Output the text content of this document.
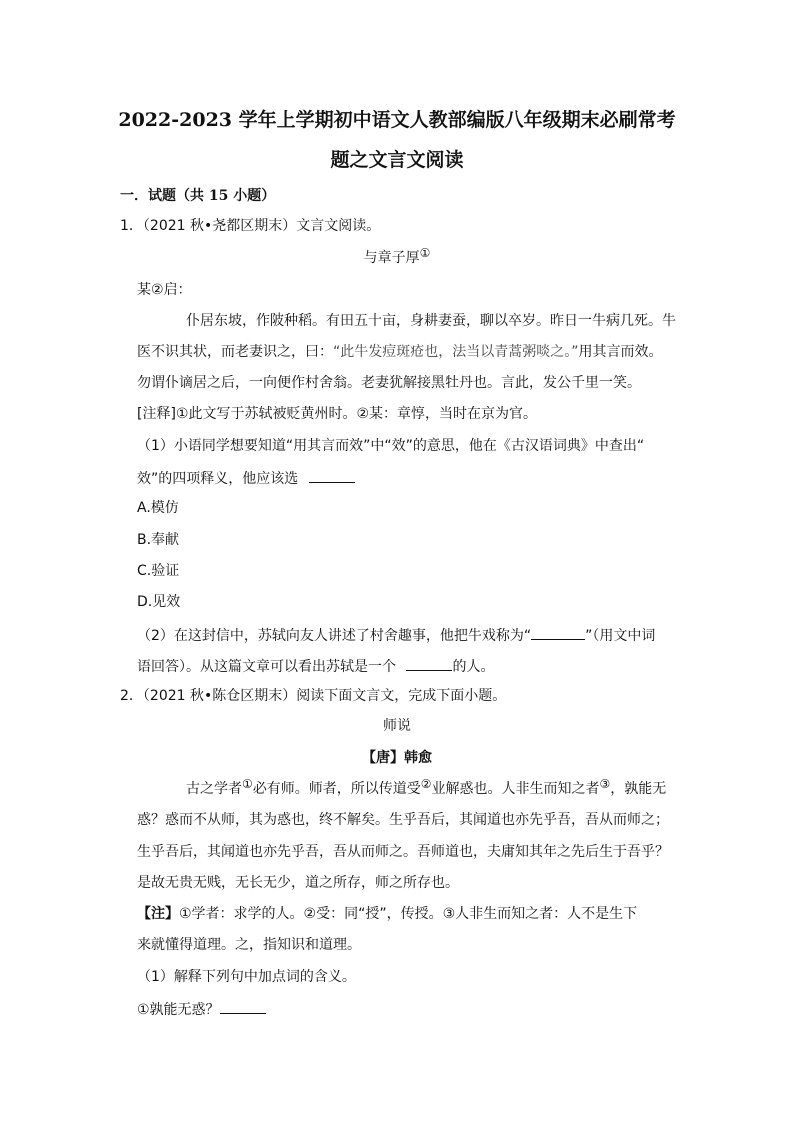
2022-2023 学年上学期初中语文人教部编版八年级期末必刷常考
题之文言文阅读
一．试题（共 15 小题）
1．（2021 秋•尧都区期末）文言文阅读。
与章子厚①
某②启：
仆居东坡，作陂种稻。有田五十亩，身耕妻蚕，聊以卒岁。昨日一牛病几死。牛
医不识其状，而老妻识之，曰：“此牛发痘斑疮也，法当以青蒿粥啖之。”用其言而效。
勿谓仆谪居之后，一向便作村舍翁。老妻犹解接黑牡丹也。言此，发公千里一笑。
[注释]①此文写于苏轼被贬黄州时。②某：章惇，当时在京为官。
（1）小语同学想要知道“用其言而效”中“效”的意思，他在《古汉语词典》中查出“
效”的四项释义，他应该选
A.模仿
B.奉献
C.验证
D.见效
（2）在这封信中，苏轼向友人讲述了村舍趣事，他把牛戏称为“	”（用文中词
语回答）。从这篇文章可以看出苏轼是一个	的人。
2．（2021 秋•陈仓区期末）阅读下面文言文，完成下面小题。
师说
【唐】韩愈
古之学者①必有师。师者，所以传道受②业解惑也。人非生而知之者③，孰能无
惑？惑而不从师，其为惑也，终不解矣。生乎吾后，其闻道也亦先乎吾，吾从而师之；
生乎吾后，其闻道也亦先乎吾，吾从而师之。吾师道也，夫庸知其年之先后生于吾乎？
是故无贵无贱，无长无少，道之所存，师之所存也。
【注】①学者：求学的人。②受：同“授”，传授。③人非生而知之者：人不是生下
来就懂得道理。之，指知识和道理。
（1）解释下列句中加点词的含义。
①孰能无惑？
